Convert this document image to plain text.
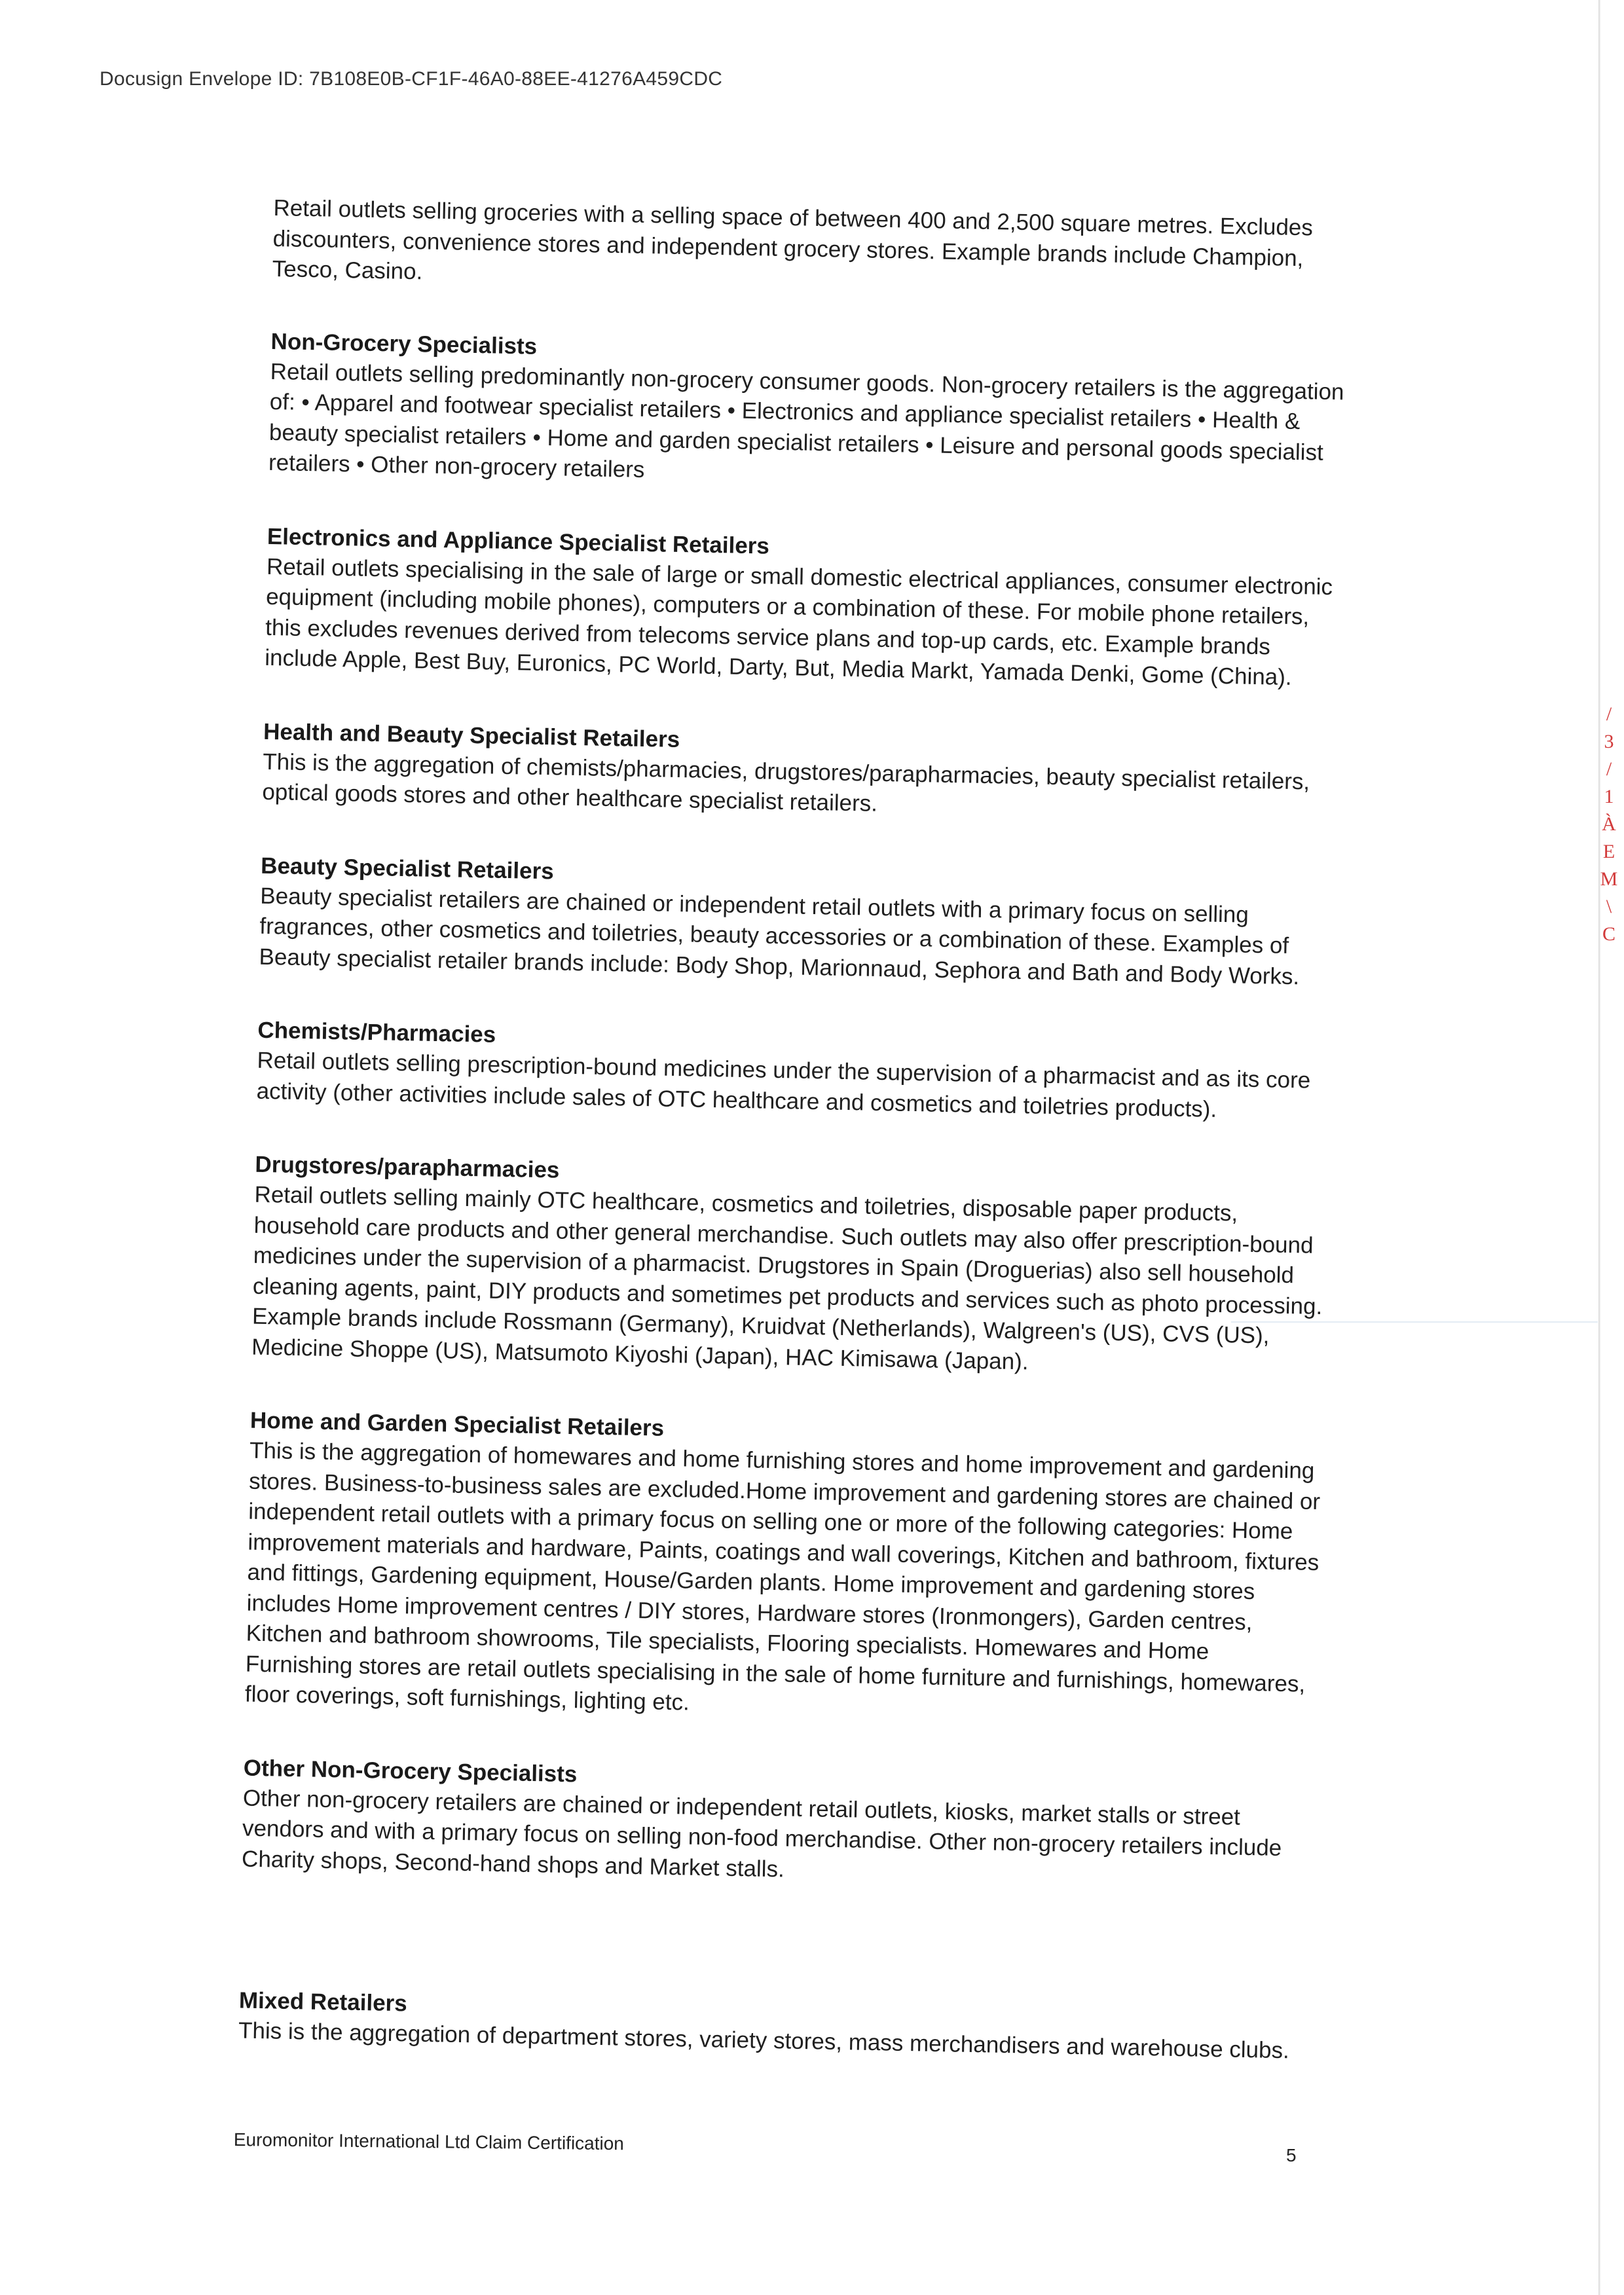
Docusign Envelope ID: 7B108E0B-CF1F-46A0-88EE-41276A459CDC

Retail outlets selling groceries with a selling space of between 400 and 2,500 square metres. Excludes discounters, convenience stores and independent grocery stores. Example brands include Champion, Tesco, Casino.

Non-Grocery Specialists
Retail outlets selling predominantly non-grocery consumer goods. Non-grocery retailers is the aggregation of: • Apparel and footwear specialist retailers • Electronics and appliance specialist retailers • Health & beauty specialist retailers • Home and garden specialist retailers • Leisure and personal goods specialist retailers • Other non-grocery retailers
Electronics and Appliance Specialist Retailers
Retail outlets specialising in the sale of large or small domestic electrical appliances, consumer electronic equipment (including mobile phones), computers or a combination of these. For mobile phone retailers, this excludes revenues derived from telecoms service plans and top-up cards, etc. Example brands include Apple, Best Buy, Euronics, PC World, Darty, But, Media Markt, Yamada Denki, Gome (China).
Health and Beauty Specialist Retailers
This is the aggregation of chemists/pharmacies, drugstores/parapharmacies, beauty specialist retailers, optical goods stores and other healthcare specialist retailers.
Beauty Specialist Retailers
Beauty specialist retailers are chained or independent retail outlets with a primary focus on selling fragrances, other cosmetics and toiletries, beauty accessories or a combination of these. Examples of Beauty specialist retailer brands include: Body Shop, Marionnaud, Sephora and Bath and Body Works.
Chemists/Pharmacies
Retail outlets selling prescription-bound medicines under the supervision of a pharmacist and as its core activity (other activities include sales of OTC healthcare and cosmetics and toiletries products).
Drugstores/parapharmacies
Retail outlets selling mainly OTC healthcare, cosmetics and toiletries, disposable paper products, household care products and other general merchandise. Such outlets may also offer prescription-bound medicines under the supervision of a pharmacist. Drugstores in Spain (Droguerias) also sell household cleaning agents, paint, DIY products and sometimes pet products and services such as photo processing. Example brands include Rossmann (Germany), Kruidvat (Netherlands), Walgreen's (US), CVS (US), Medicine Shoppe (US), Matsumoto Kiyoshi (Japan), HAC Kimisawa (Japan).
Home and Garden Specialist Retailers
This is the aggregation of homewares and home furnishing stores and home improvement and gardening stores. Business-to-business sales are excluded.Home improvement and gardening stores are chained or independent retail outlets with a primary focus on selling one or more of the following categories: Home improvement materials and hardware, Paints, coatings and wall coverings, Kitchen and bathroom, fixtures and fittings, Gardening equipment, House/Garden plants. Home improvement and gardening stores includes Home improvement centres / DIY stores, Hardware stores (Ironmongers), Garden centres, Kitchen and bathroom showrooms, Tile specialists, Flooring specialists. Homewares and Home Furnishing stores are retail outlets specialising in the sale of home furniture and furnishings, homewares, floor coverings, soft furnishings, lighting etc.
Other Non-Grocery Specialists
Other non-grocery retailers are chained or independent retail outlets, kiosks, market stalls or street vendors and with a primary focus on selling non-food merchandise. Other non-grocery retailers include Charity shops, Second-hand shops and Market stalls.
Mixed Retailers
This is the aggregation of department stores, variety stores, mass merchandisers and warehouse clubs.
Euromonitor International Ltd Claim Certification
5
/
3
/
1
À
E
M
\
C
